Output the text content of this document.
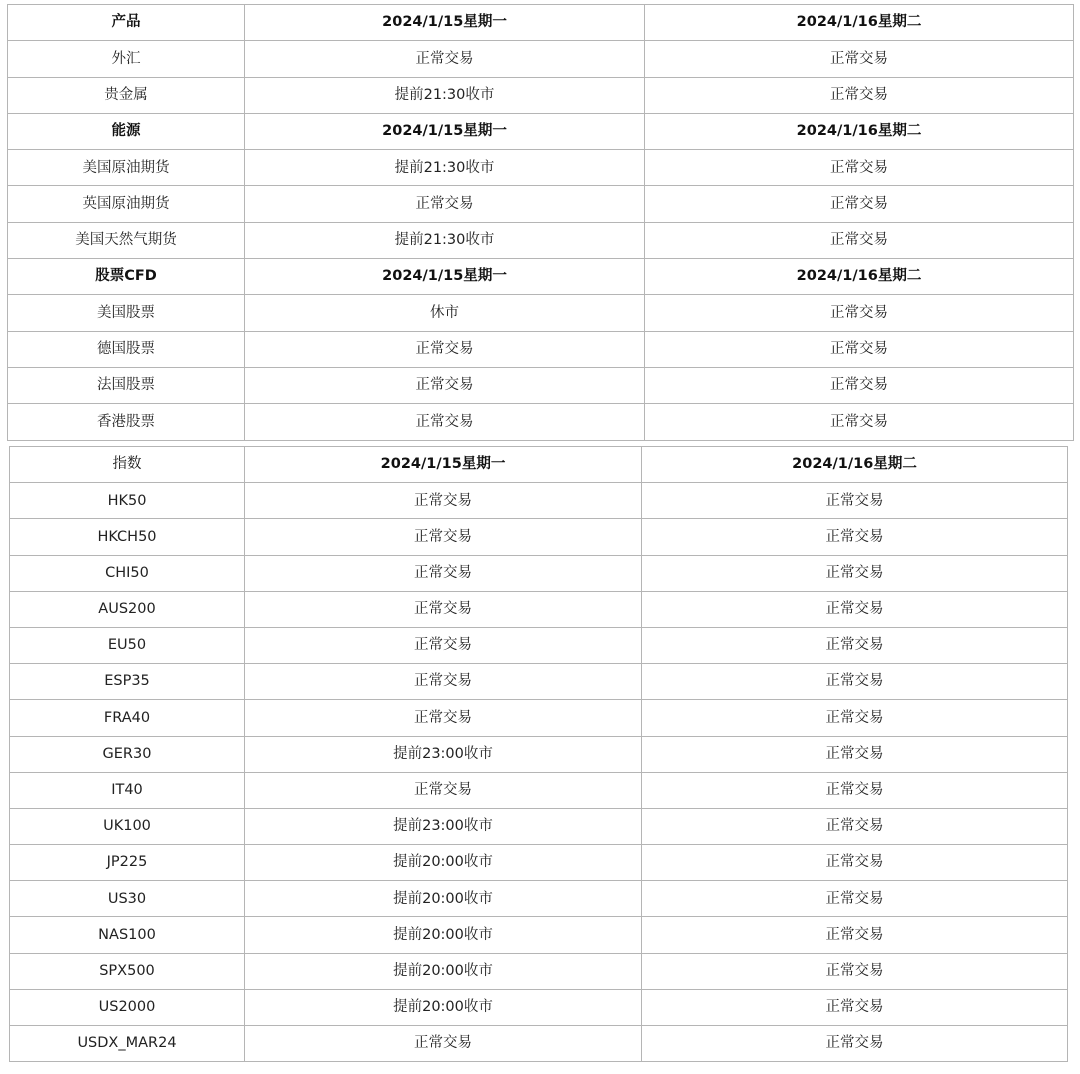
产品	2024/1/15星期一	2024/1/16星期二
外汇	正常交易	正常交易
贵金属	提前21:30收市	正常交易
能源	2024/1/15星期一	2024/1/16星期二
美国原油期货	提前21:30收市	正常交易
英国原油期货	正常交易	正常交易
美国天然气期货	提前21:30收市	正常交易
股票CFD	2024/1/15星期一	2024/1/16星期二
美国股票	休市	正常交易
德国股票	正常交易	正常交易
法国股票	正常交易	正常交易
香港股票	正常交易	正常交易
指数	2024/1/15星期一	2024/1/16星期二
HK50	正常交易	正常交易
HKCH50	正常交易	正常交易
CHI50	正常交易	正常交易
AUS200	正常交易	正常交易
EU50	正常交易	正常交易
ESP35	正常交易	正常交易
FRA40	正常交易	正常交易
GER30	提前23:00收市	正常交易
IT40	正常交易	正常交易
UK100	提前23:00收市	正常交易
JP225	提前20:00收市	正常交易
US30	提前20:00收市	正常交易
NAS100	提前20:00收市	正常交易
SPX500	提前20:00收市	正常交易
US2000	提前20:00收市	正常交易
USDX_MAR24	正常交易	正常交易
